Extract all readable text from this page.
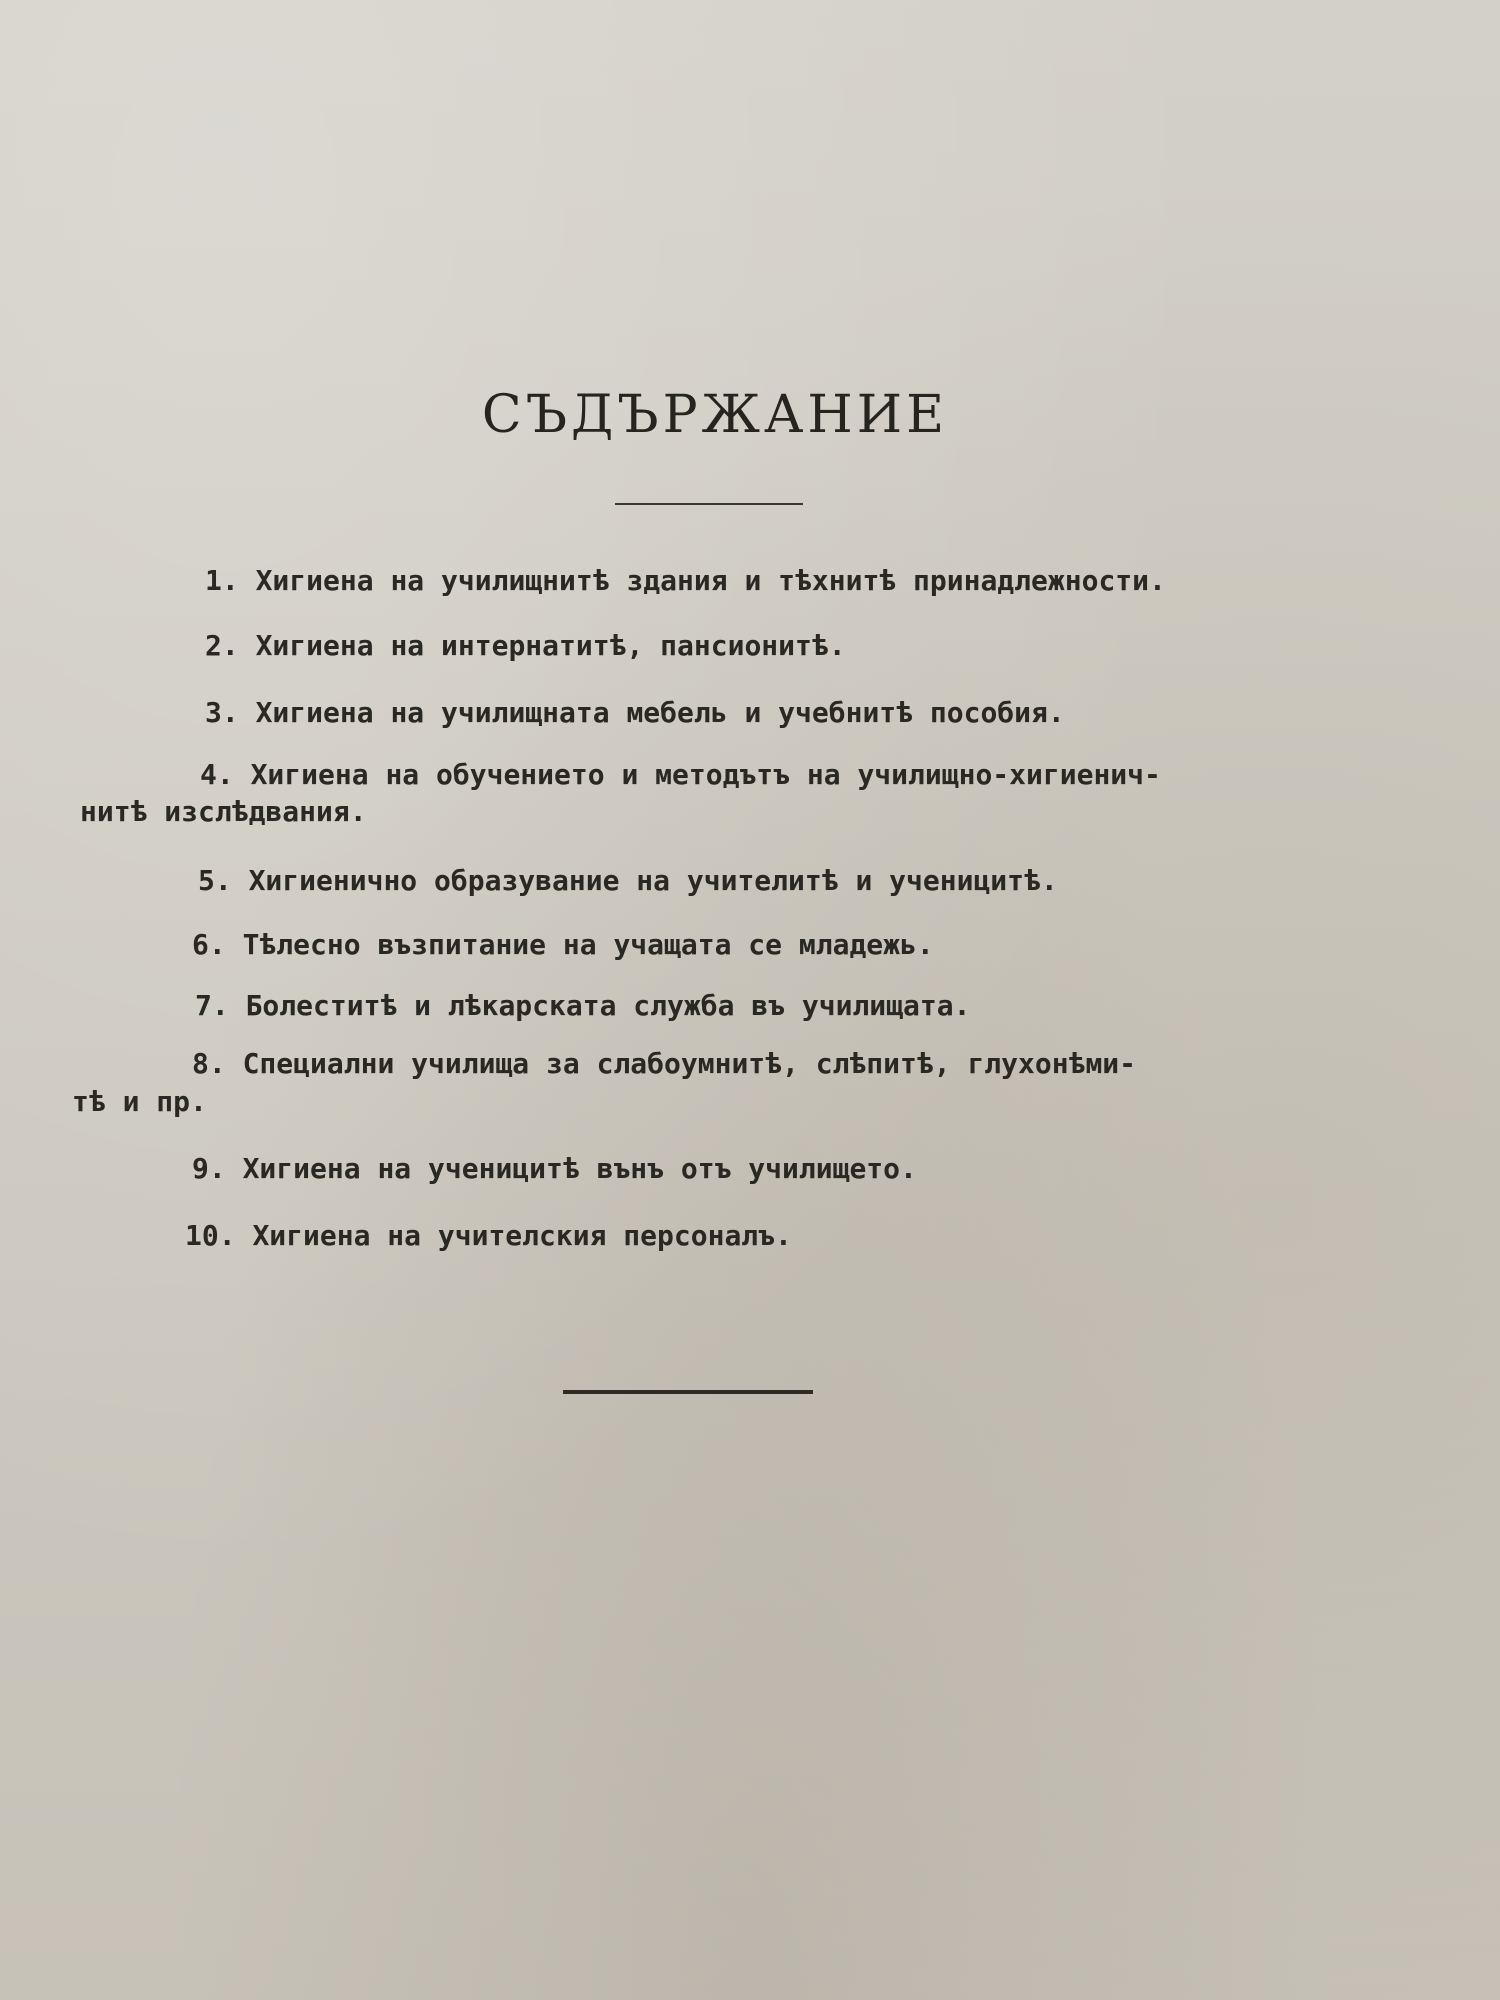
СЪДЪРЖАНИЕ
1. Хигиена на училищнитѣ здания и тѣхнитѣ принадлежности.
2. Хигиена на интернатитѣ, пансионитѣ.
3. Хигиена на училищната мебель и учебнитѣ пособия.
4. Хигиена на обучението и методътъ на училищно-хигиенич-
нитѣ изслѣдвания.
5. Хигиенично образувание на учителитѣ и ученицитѣ.
6. Тѣлесно възпитание на учащата се младежь.
7. Болеститѣ и лѣкарската служба въ училищата.
8. Специални училища за слабоумнитѣ, слѣпитѣ, глухонѣми-
тѣ и пр.
9. Хигиена на ученицитѣ вънъ отъ училището.
10. Хигиена на учителския персоналъ.
